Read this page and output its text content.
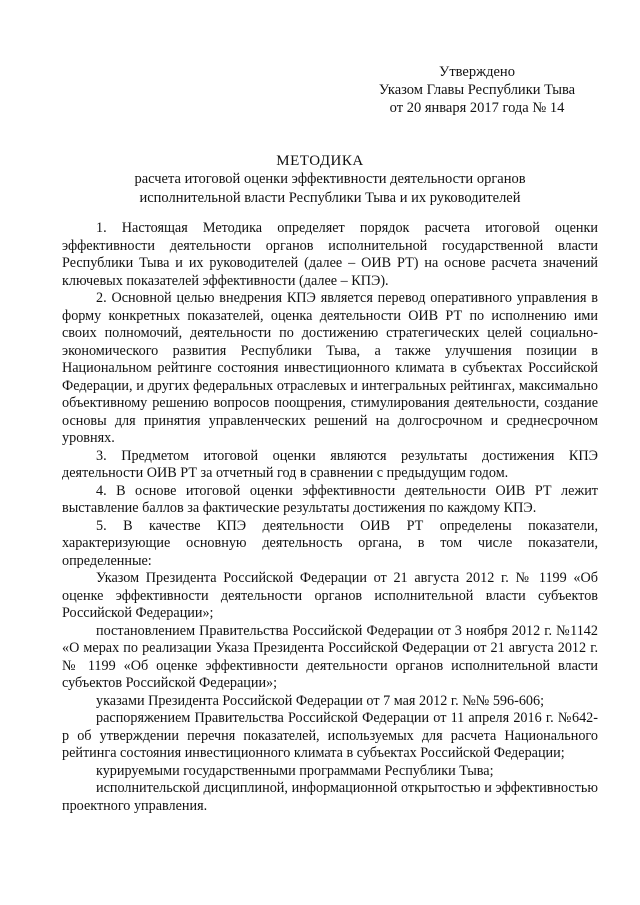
Утверждено
Указом Главы Республики Тыва
от 20 января 2017 года № 14
МЕТОДИКА
расчета итоговой оценки эффективности деятельности органов
исполнительной власти Республики Тыва и их руководителей

1. Настоящая Методика определяет порядок расчета итоговой оценки эффективности деятельности органов исполнительной государственной власти Республики Тыва и их руководителей (далее – ОИВ РТ) на основе расчета значений ключевых показателей эффективности (далее – КПЭ).

2. Основной целью внедрения КПЭ является перевод оперативного управления в форму конкретных показателей, оценка деятельности ОИВ РТ по исполнению ими своих полномочий, деятельности по достижению стратегических целей социально-экономического развития Республики Тыва, а также улучшения позиции в Национальном рейтинге состояния инвестиционного климата в субъектах Российской Федерации, и других федеральных отраслевых и интегральных рейтингах, максимально объективному решению вопросов поощрения, стимулирования деятельности, создание основы для принятия управленческих решений на долгосрочном и среднесрочном уровнях.

3. Предметом итоговой оценки являются результаты достижения КПЭ деятельности ОИВ РТ за отчетный год в сравнении с предыдущим годом.

4. В основе итоговой оценки эффективности деятельности ОИВ РТ лежит выставление баллов за фактические результаты достижения по каждому КПЭ.

5. В качестве КПЭ деятельности ОИВ РТ определены показатели, характеризующие основную деятельность органа, в том числе показатели, определенные:

Указом Президента Российской Федерации от 21 августа 2012 г. № 1199 «Об оценке эффективности деятельности органов исполнительной власти субъектов Российской Федерации»;

постановлением Правительства Российской Федерации от 3 ноября 2012 г. №1142 «О мерах по реализации Указа Президента Российской Федерации от 21 августа 2012 г. № 1199 «Об оценке эффективности деятельности органов исполнительной власти субъектов Российской Федерации»;

указами Президента Российской Федерации от 7 мая 2012 г. №№ 596-606;

распоряжением Правительства Российской Федерации от 11 апреля 2016 г. №642-р об утверждении перечня показателей, используемых для расчета Национального рейтинга состояния инвестиционного климата в субъектах Российской Федерации;

курируемыми государственными программами Республики Тыва;

исполнительской дисциплиной, информационной открытостью и эффективностью проектного управления.
